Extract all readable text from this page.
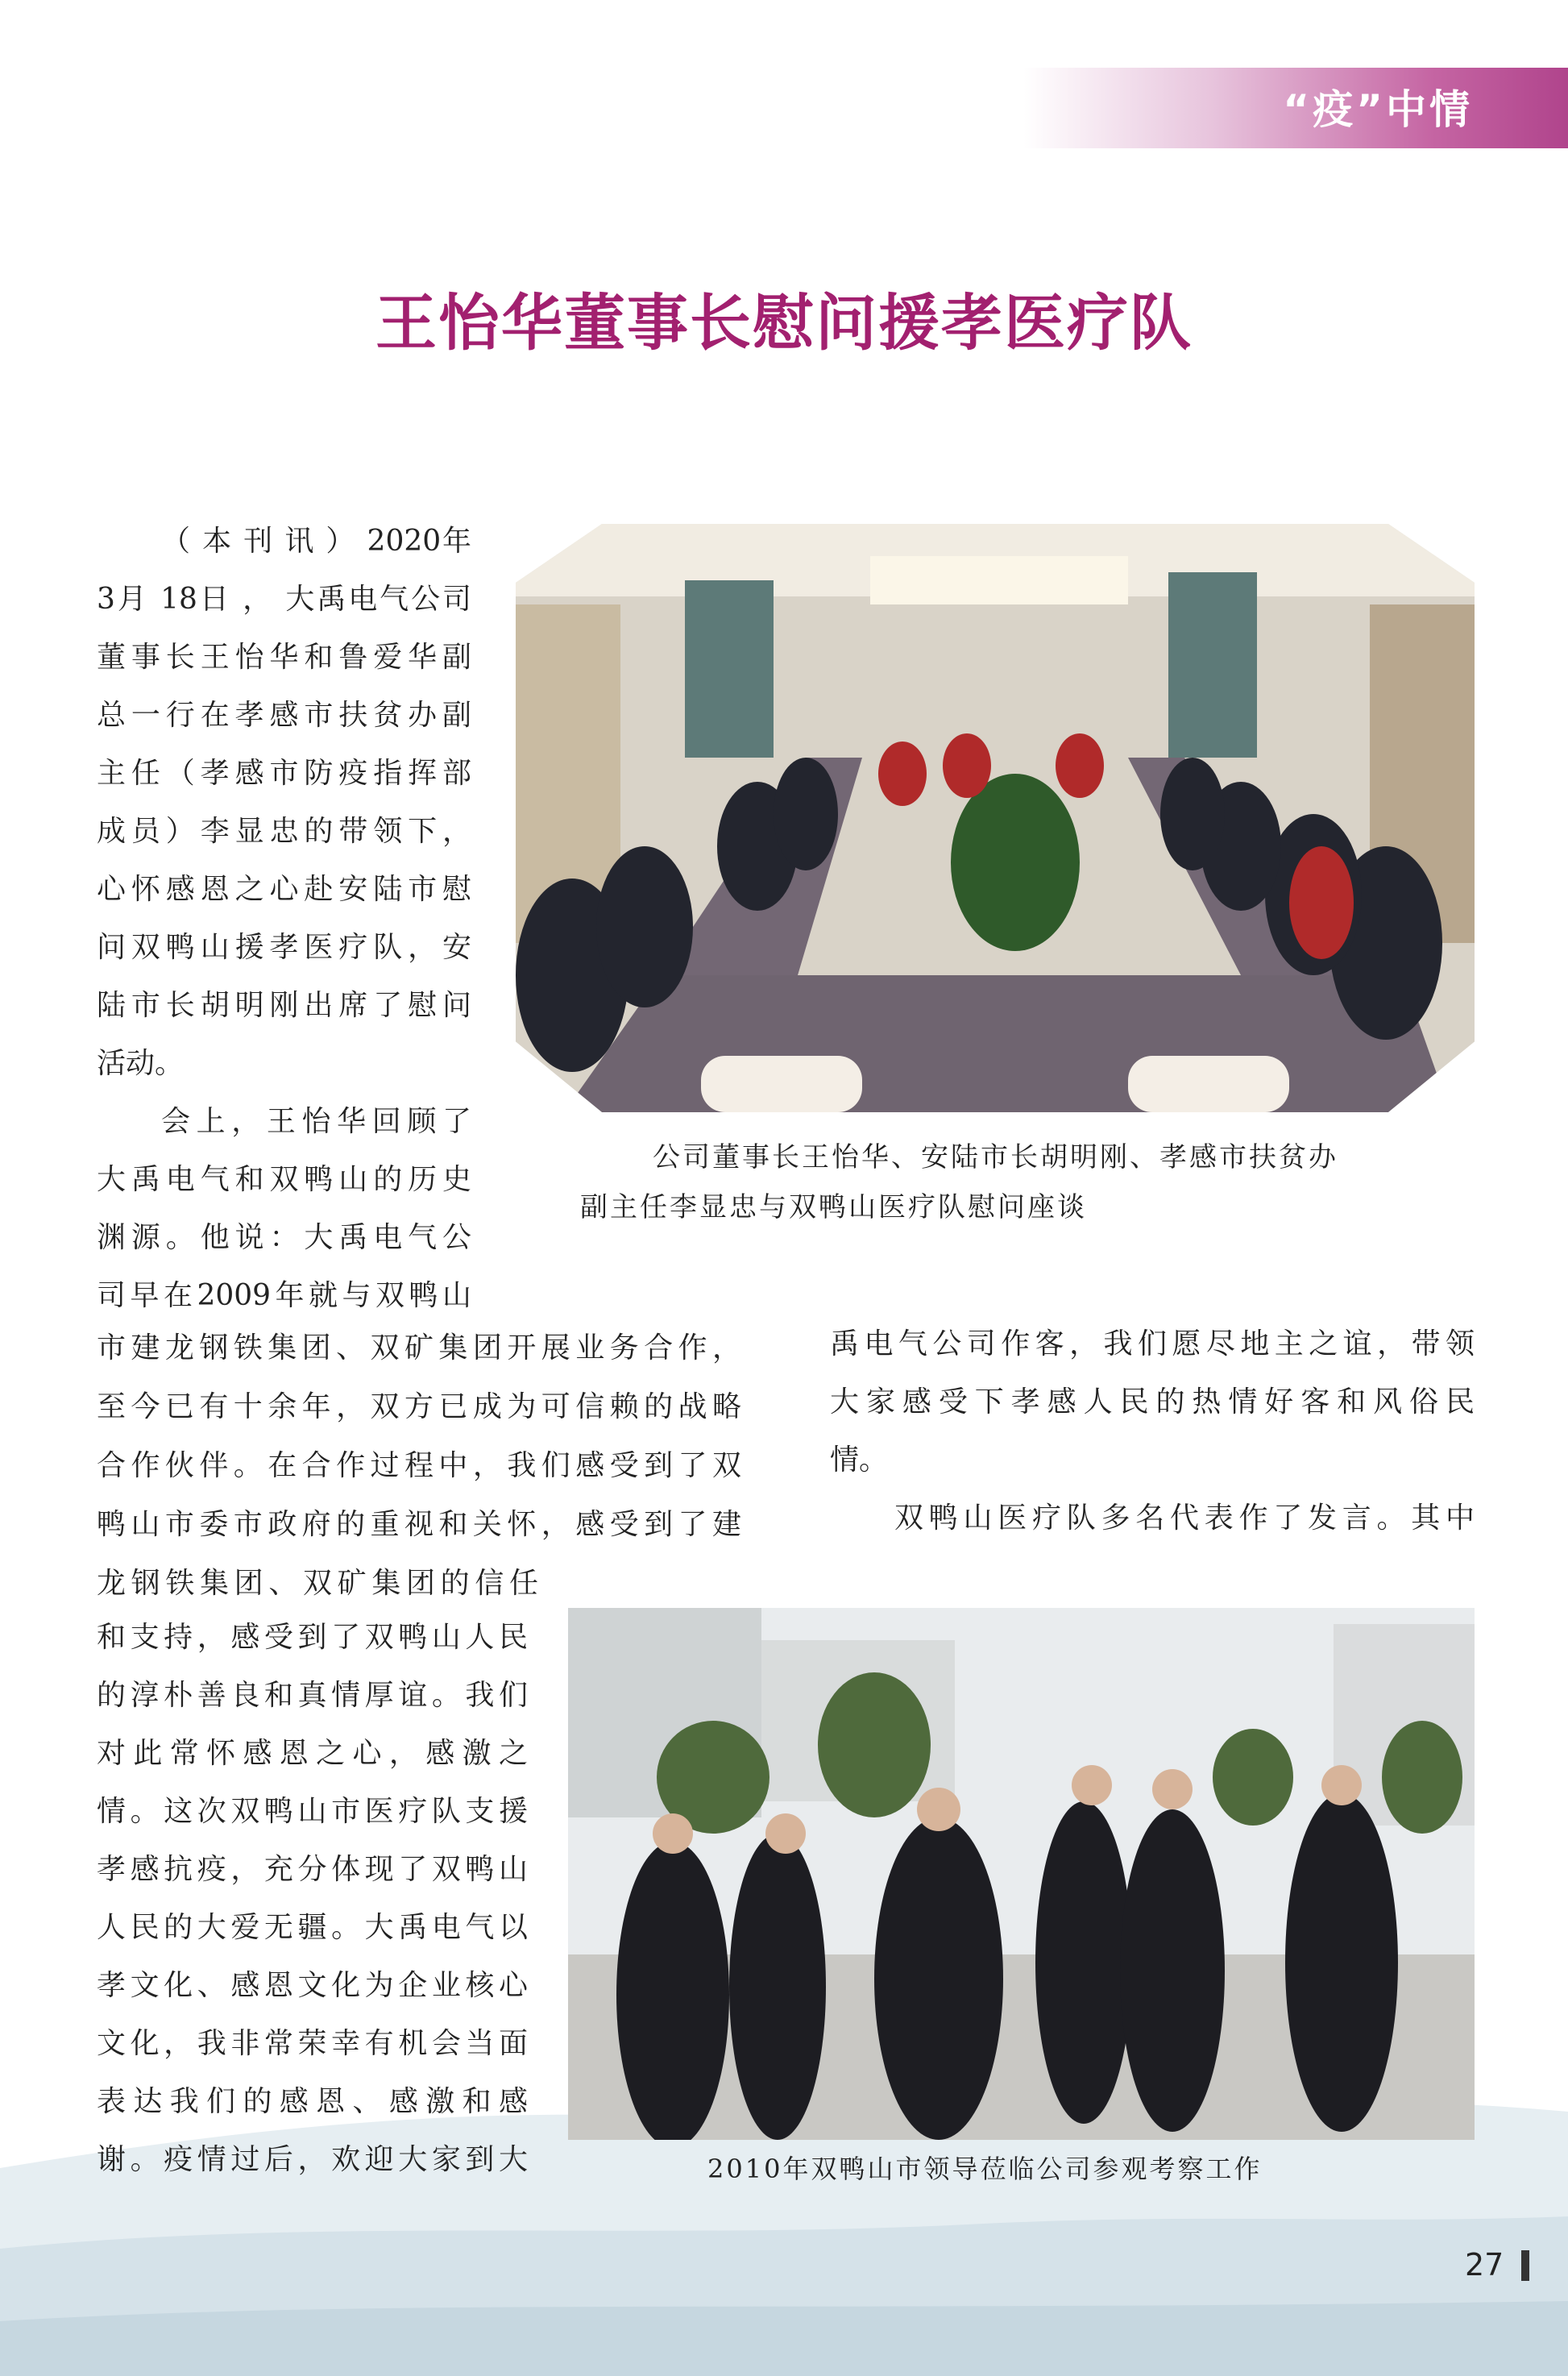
“疫”中情
王怡华董事长慰问援孝医疗队
（ 本 刊 讯 ） 2020年
3月 18日 ， 大禹电气公司
董事长王怡华和鲁爱华副
总一行在孝感市扶贫办副
主任（孝感市防疫指挥部
成员）李显忠的带领下，
心怀感恩之心赴安陆市慰
问双鸭山援孝医疗队，安
陆市长胡明刚出席了慰问
活动。
会上，王怡华回顾了
大禹电气和双鸭山的历史
渊源。他说：大禹电气公
司早在2009年就与双鸭山
公司董事长王怡华、安陆市长胡明刚、孝感市扶贫办
副主任李显忠与双鸭山医疗队慰问座谈
市建龙钢铁集团、双矿集团开展业务合作，
至今已有十余年，双方已成为可信赖的战略
合作伙伴。在合作过程中，我们感受到了双
鸭山市委市政府的重视和关怀，感受到了建
龙钢铁集团、双矿集团的信任
禹电气公司作客，我们愿尽地主之谊，带领
大家感受下孝感人民的热情好客和风俗民
情。
双鸭山医疗队多名代表作了发言。其中
和支持，感受到了双鸭山人民
的淳朴善良和真情厚谊。我们
对此常怀感恩之心，感激之
情。这次双鸭山市医疗队支援
孝感抗疫，充分体现了双鸭山
人民的大爱无疆。大禹电气以
孝文化、感恩文化为企业核心
文化，我非常荣幸有机会当面
表达我们的感恩、感激和感
谢。疫情过后，欢迎大家到大	2010年双鸭山市领导莅临公司参观考察工作
27
